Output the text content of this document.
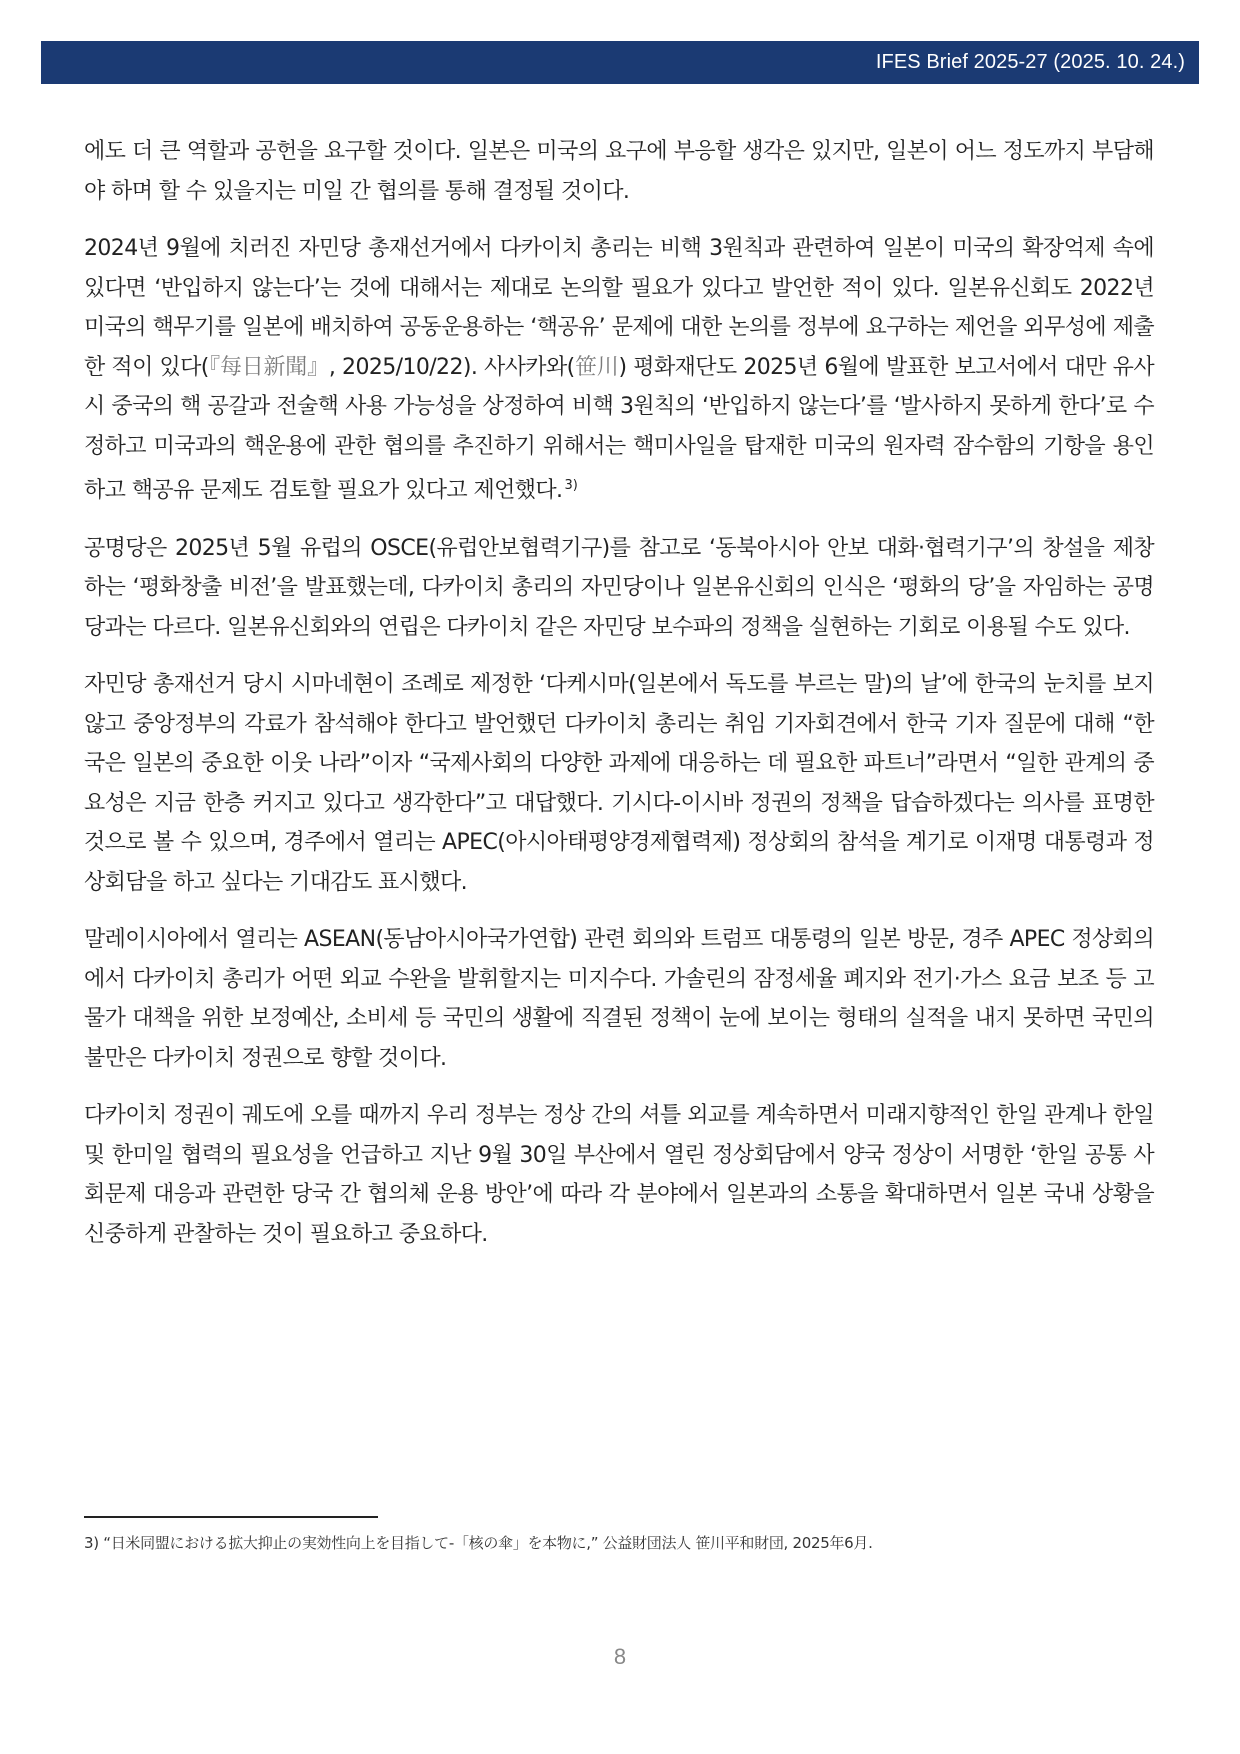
IFES Brief 2025-27 (2025. 10. 24.)

에도 더 큰 역할과 공헌을 요구할 것이다. 일본은 미국의 요구에 부응할 생각은 있지만, 일본이 어느 정도까지 부담해야 하며 할 수 있을지는 미일 간 협의를 통해 결정될 것이다.

2024년 9월에 치러진 자민당 총재선거에서 다카이치 총리는 비핵 3원칙과 관련하여 일본이 미국의 확장억제 속에 있다면 ‘반입하지 않는다’는 것에 대해서는 제대로 논의할 필요가 있다고 발언한 적이 있다. 일본유신회도 2022년 미국의 핵무기를 일본에 배치하여 공동운용하는 ‘핵공유’ 문제에 대한 논의를 정부에 요구하는 제언을 외무성에 제출한 적이 있다(『每日新聞』, 2025/10/22). 사사카와(笹川) 평화재단도 2025년 6월에 발표한 보고서에서 대만 유사시 중국의 핵 공갈과 전술핵 사용 가능성을 상정하여 비핵 3원칙의 ‘반입하지 않는다’를 ‘발사하지 못하게 한다’로 수정하고 미국과의 핵운용에 관한 협의를 추진하기 위해서는 핵미사일을 탑재한 미국의 원자력 잠수함의 기항을 용인하고 핵공유 문제도 검토할 필요가 있다고 제언했다. $^{3)}$

공명당은 2025년 5월 유럽의 OSCE(유럽안보협력기구)를 참고로 ‘동북아시아 안보 대화·협력기구’의 창설을 제창하는 ‘평화창출 비전’을 발표했는데, 다카이치 총리의 자민당이나 일본유신회의 인식은 ‘평화의 당’을 자임하는 공명당과는 다르다. 일본유신회와의 연립은 다카이치 같은 자민당 보수파의 정책을 실현하는 기회로 이용될 수도 있다.

자민당 총재선거 당시 시마네현이 조례로 제정한 ‘다케시마(일본에서 독도를 부르는 말)의 날’에 한국의 눈치를 보지 않고 중앙정부의 각료가 참석해야 한다고 발언했던 다카이치 총리는 취임 기자회견에서 한국 기자 질문에 대해 “한국은 일본의 중요한 이웃 나라”이자 “국제사회의 다양한 과제에 대응하는 데 필요한 파트너”라면서 “일한 관계의 중요성은 지금 한층 커지고 있다고 생각한다”고 대답했다. 기시다-이시바 정권의 정책을 답습하겠다는 의사를 표명한 것으로 볼 수 있으며, 경주에서 열리는 APEC(아시아태평양경제협력제) 정상회의 참석을 계기로 이재명 대통령과 정상회담을 하고 싶다는 기대감도 표시했다.

말레이시아에서 열리는 ASEAN(동남아시아국가연합) 관련 회의와 트럼프 대통령의 일본 방문, 경주 APEC 정상회의에서 다카이치 총리가 어떤 외교 수완을 발휘할지는 미지수다. 가솔린의 잠정세율 폐지와 전기·가스 요금 보조 등 고물가 대책을 위한 보정예산, 소비세 등 국민의 생활에 직결된 정책이 눈에 보이는 형태의 실적을 내지 못하면 국민의 불만은 다카이치 정권으로 향할 것이다.

다카이치 정권이 궤도에 오를 때까지 우리 정부는 정상 간의 셔틀 외교를 계속하면서 미래지향적인 한일 관계나 한일 및 한미일 협력의 필요성을 언급하고 지난 9월 30일 부산에서 열린 정상회담에서 양국 정상이 서명한 ‘한일 공통 사회문제 대응과 관련한 당국 간 협의체 운용 방안’에 따라 각 분야에서 일본과의 소통을 확대하면서 일본 국내 상황을 신중하게 관찰하는 것이 필요하고 중요하다.

3) “日米同盟における拡大抑止の実効性向上を目指して-「核の傘」を本物に,” 公益財団法人 笹川平和財団, 2025年6月.
8
